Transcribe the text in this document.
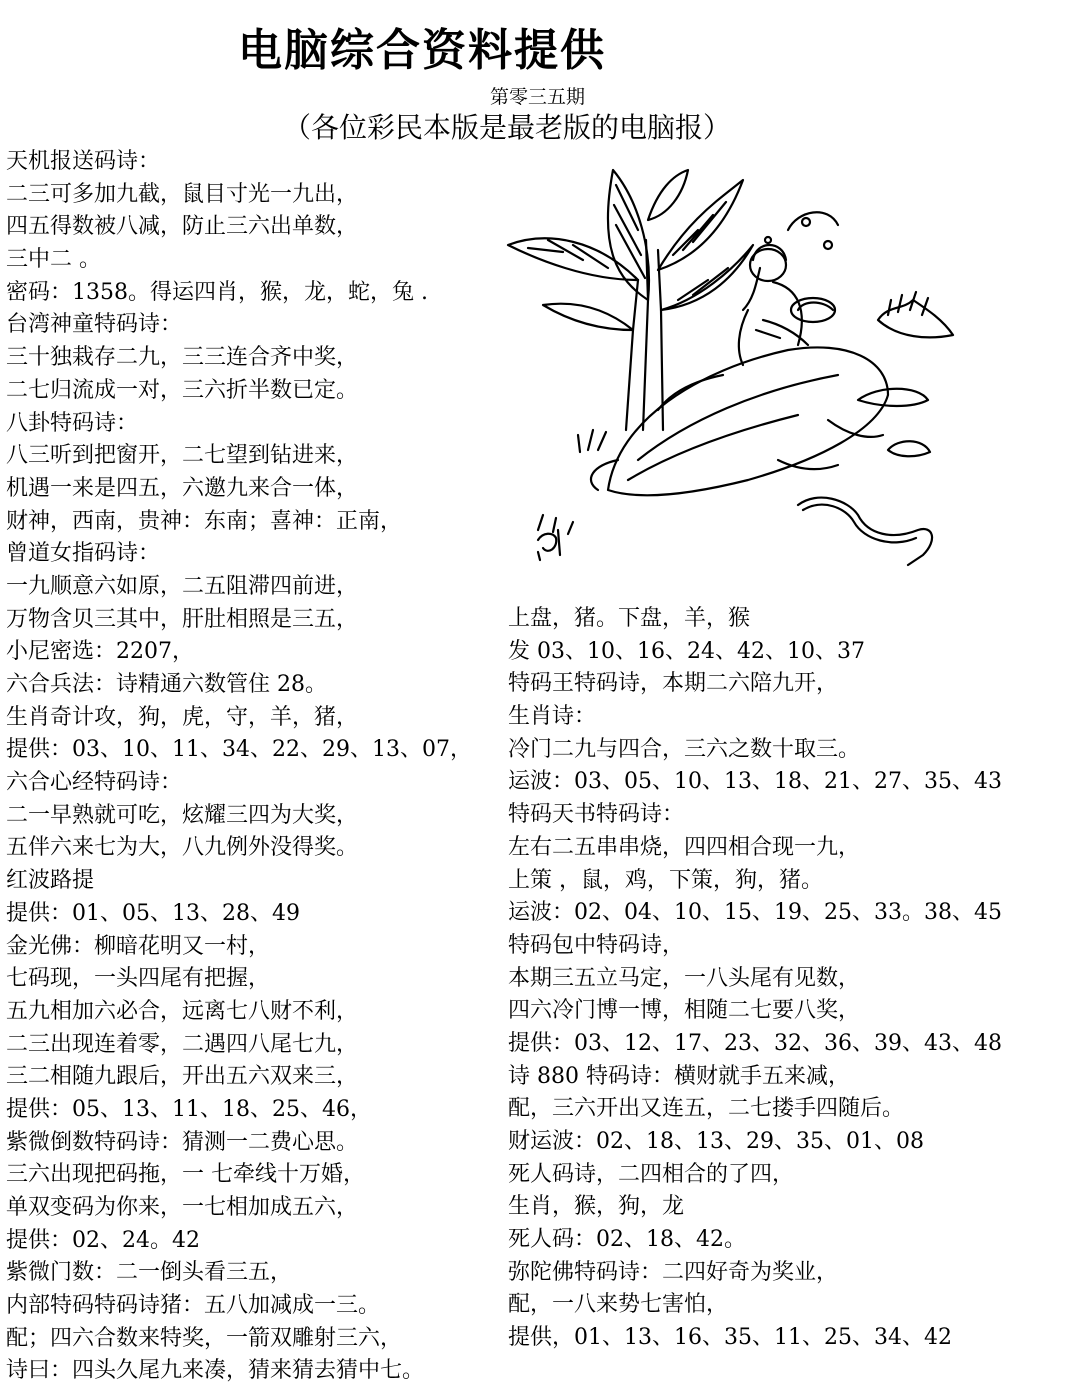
电脑综合资料提供
第零三五期
（各位彩民本版是最老版的电脑报）
天机报送码诗：
二三可多加九截，鼠目寸光一九出，
四五得数被八减，防止三六出单数，
三中二 。
密码：1358。得运四肖，猴，龙，蛇，兔 .
台湾神童特码诗：
三十独栽存二九，三三连合齐中奖，
二七归流成一对，三六折半数已定。
八卦特码诗：
八三听到把窗开，二七望到钻进来，
机遇一来是四五，六邀九来合一体，
财神，西南，贵神：东南；喜神：正南，
曾道女指码诗：
一九顺意六如原，二五阻滞四前进，
万物含贝三其中，肝肚相照是三五，
小尼密选：2207，
六合兵法：诗精通六数管住 28。
生肖奇计攻，狗，虎，守，羊，猪，
提供：03、10、11、34、22、29、13、07，
六合心经特码诗：
二一早熟就可吃，炫耀三四为大奖，
五伴六来七为大，八九例外没得奖。
红波路提
提供：01、05、13、28、49
金光佛：柳暗花明又一村，
七码现，一头四尾有把握，
五九相加六必合，远离七八财不利，
二三出现连着零，二遇四八尾七九，
三二相随九跟后，开出五六双来三，
提供：05、13、11、18、25、46，
紫微倒数特码诗：猜测一二费心思。
三六出现把码拖，一 七牵线十万婚，
单双变码为你来，一七相加成五六，
提供：02、24。42
紫微门数：二一倒头看三五，
内部特码特码诗猪：五八加减成一三。
配；四六合数来特奖，一箭双雕射三六，
诗曰：四头久尾九来凑，猜来猜去猜中七。
上盘，猪。下盘，羊，猴
发 03、10、16、24、42、10、37
特码王特码诗，本期二六陪九开，
生肖诗：
冷门二九与四合，三六之数十取三。
运波：03、05、10、13、18、21、27、35、43
特码天书特码诗：
左右二五串串烧，四四相合现一九，
上策 ，鼠，鸡，下策，狗，猪。
运波：02、04、10、15、19、25、33。38、45
特码包中特码诗，
本期三五立马定，一八头尾有见数，
四六冷门博一博，相随二七要八奖，
提供：03、12、17、23、32、36、39、43、48
诗 880 特码诗：横财就手五来减，
配，三六开出又连五，二七搂手四随后。
财运波：02、18、13、29、35、01、08
死人码诗，二四相合的了四，
生肖，猴，狗，龙
死人码：02、18、42。
弥陀佛特码诗：二四好奇为奖业，
配，一八来势七害怕，
提供，01、13、16、35、11、25、34、42
